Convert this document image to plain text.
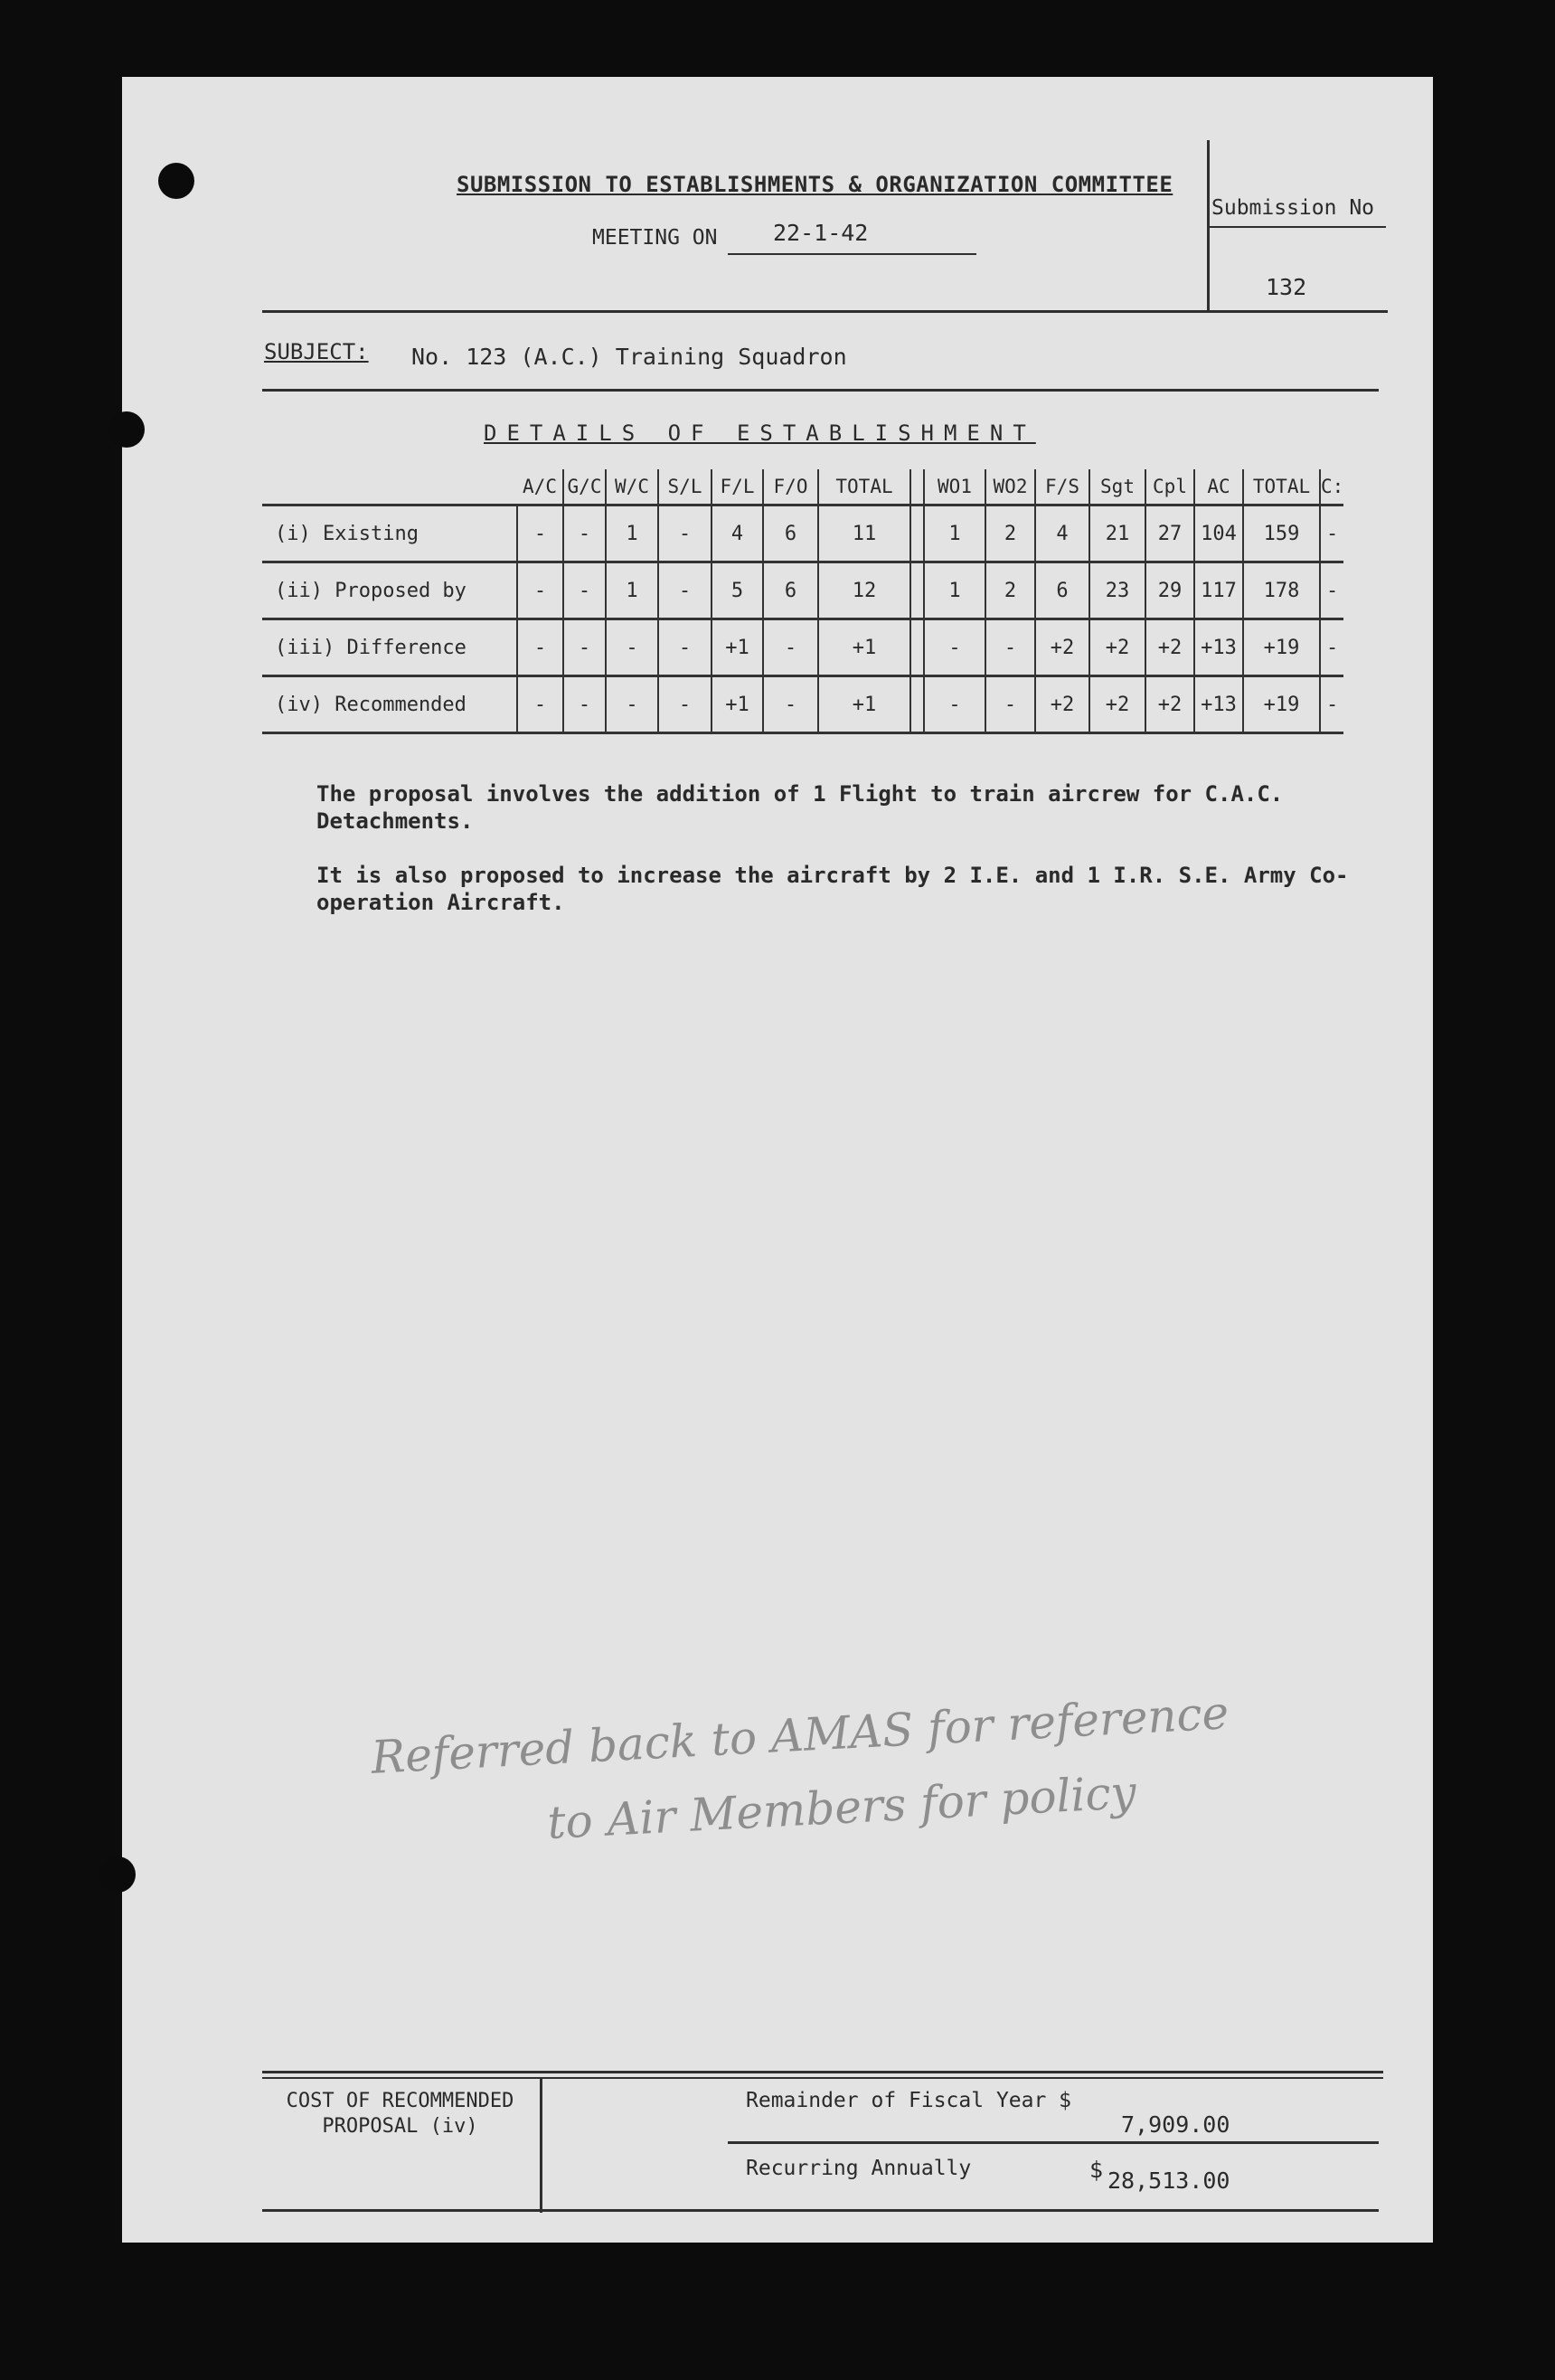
SUBMISSION TO ESTABLISHMENTS & ORGANIZATION COMMITTEE
MEETING ON 22-1-42
Submission No
132
SUBJECT: No. 123 (A.C.) Training Squadron
DETAILS OF ESTABLISHMENT
	A/C	G/C	W/C	S/L	F/L	F/O	TOTAL		WO1	WO2	F/S	Sgt	Cpl	AC	TOTAL	C:
(i) Existing	-	-	1	-	4	6	11		1	2	4	21	27	104	159	-
(ii) Proposed by	-	-	1	-	5	6	12		1	2	6	23	29	117	178	-
(iii) Difference	-	-	-	-	+1	-	+1		-	-	+2	+2	+2	+13	+19	-
(iv) Recommended	-	-	-	-	+1	-	+1		-	-	+2	+2	+2	+13	+19	-
The proposal involves the addition of 1 Flight to train aircrew for C.A.C. Detachments.
It is also proposed to increase the aircraft by 2 I.E. and 1 I.R. S.E. Army Co-operation Aircraft.
Referred back to AMAS for reference
to Air Members for policy
COST OF RECOMMENDED
PROPOSAL (iv)
Remainder of Fiscal Year $
7,909.00
Recurring Annually	$ 28,513.00
